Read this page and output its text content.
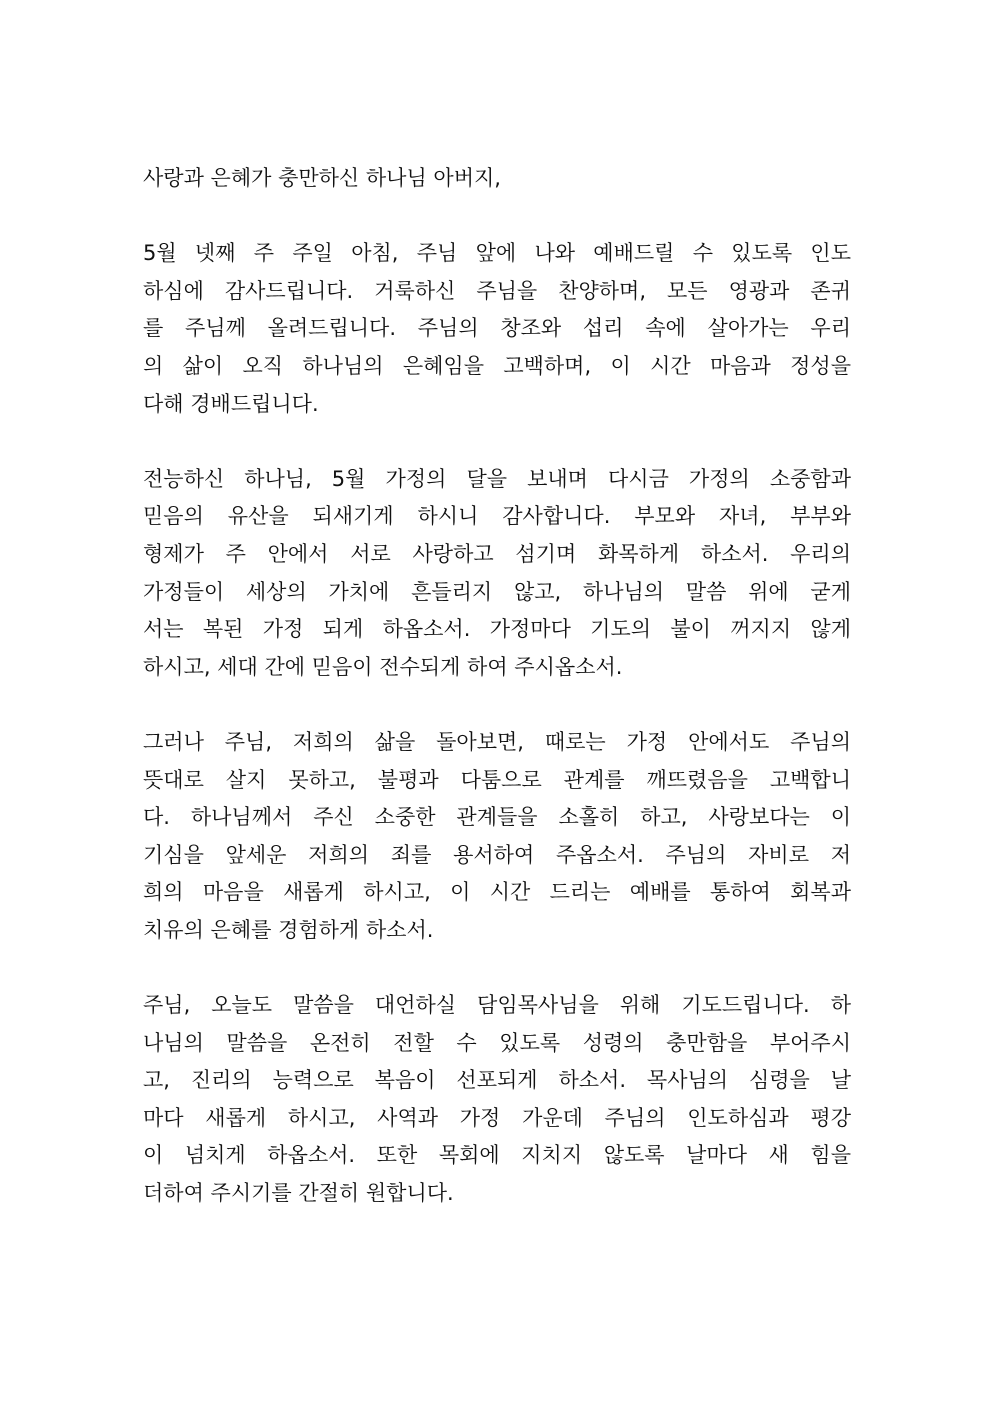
사랑과 은혜가 충만하신 하나님 아버지,

5월 넷째 주 주일 아침, 주님 앞에 나와 예배드릴 수 있도록 인도
하심에 감사드립니다. 거룩하신 주님을 찬양하며, 모든 영광과 존귀
를 주님께 올려드립니다. 주님의 창조와 섭리 속에 살아가는 우리
의 삶이 오직 하나님의 은혜임을 고백하며, 이 시간 마음과 정성을
다해 경배드립니다.

전능하신 하나님, 5월 가정의 달을 보내며 다시금 가정의 소중함과
믿음의 유산을 되새기게 하시니 감사합니다. 부모와 자녀, 부부와
형제가 주 안에서 서로 사랑하고 섬기며 화목하게 하소서. 우리의
가정들이 세상의 가치에 흔들리지 않고, 하나님의 말씀 위에 굳게
서는 복된 가정 되게 하옵소서. 가정마다 기도의 불이 꺼지지 않게
하시고, 세대 간에 믿음이 전수되게 하여 주시옵소서.

그러나 주님, 저희의 삶을 돌아보면, 때로는 가정 안에서도 주님의
뜻대로 살지 못하고, 불평과 다툼으로 관계를 깨뜨렸음을 고백합니
다. 하나님께서 주신 소중한 관계들을 소홀히 하고, 사랑보다는 이
기심을 앞세운 저희의 죄를 용서하여 주옵소서. 주님의 자비로 저
희의 마음을 새롭게 하시고, 이 시간 드리는 예배를 통하여 회복과
치유의 은혜를 경험하게 하소서.

주님, 오늘도 말씀을 대언하실 담임목사님을 위해 기도드립니다. 하
나님의 말씀을 온전히 전할 수 있도록 성령의 충만함을 부어주시
고, 진리의 능력으로 복음이 선포되게 하소서. 목사님의 심령을 날
마다 새롭게 하시고, 사역과 가정 가운데 주님의 인도하심과 평강
이 넘치게 하옵소서. 또한 목회에 지치지 않도록 날마다 새 힘을
더하여 주시기를 간절히 원합니다.
